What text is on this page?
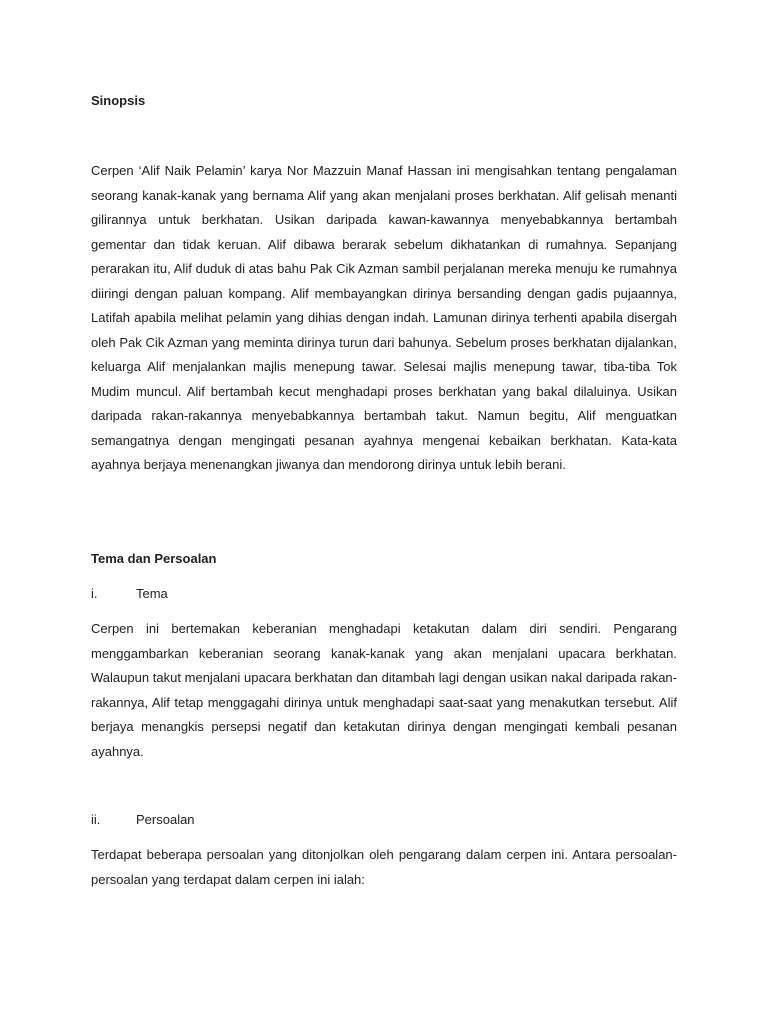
Sinopsis

Cerpen ‘Alif Naik Pelamin’ karya Nor Mazzuin Manaf Hassan ini mengisahkan tentang pengalaman seorang kanak-kanak yang bernama Alif yang akan menjalani proses berkhatan. Alif gelisah menanti gilirannya untuk berkhatan. Usikan daripada kawan-kawannya menyebabkannya bertambah gementar dan tidak keruan. Alif dibawa berarak sebelum dikhatankan di rumahnya. Sepanjang perarakan itu, Alif duduk di atas bahu Pak Cik Azman sambil perjalanan mereka menuju ke rumahnya diiringi dengan paluan kompang. Alif membayangkan dirinya bersanding dengan gadis pujaannya, Latifah apabila melihat pelamin yang dihias dengan indah. Lamunan dirinya terhenti apabila disergah oleh Pak Cik Azman yang meminta dirinya turun dari bahunya. Sebelum proses berkhatan dijalankan, keluarga Alif menjalankan majlis menepung tawar. Selesai majlis menepung tawar, tiba-tiba Tok Mudim muncul. Alif bertambah kecut menghadapi proses berkhatan yang bakal dilaluinya. Usikan daripada rakan-rakannya menyebabkannya bertambah takut. Namun begitu, Alif menguatkan semangatnya dengan mengingati pesanan ayahnya mengenai kebaikan berkhatan. Kata-kata ayahnya berjaya menenangkan jiwanya dan mendorong dirinya untuk lebih berani.

Tema dan Persoalan
i.	Tema

Cerpen ini bertemakan keberanian menghadapi ketakutan dalam diri sendiri. Pengarang menggambarkan keberanian seorang kanak-kanak yang akan menjalani upacara berkhatan. Walaupun takut menjalani upacara berkhatan dan ditambah lagi dengan usikan nakal daripada rakan-rakannya, Alif tetap menggagahi dirinya untuk menghadapi saat-saat yang menakutkan tersebut. Alif berjaya menangkis persepsi negatif dan ketakutan dirinya dengan mengingati kembali pesanan ayahnya.

ii.	Persoalan

Terdapat beberapa persoalan yang ditonjolkan oleh pengarang dalam cerpen ini. Antara persoalan-persoalan yang terdapat dalam cerpen ini ialah:
